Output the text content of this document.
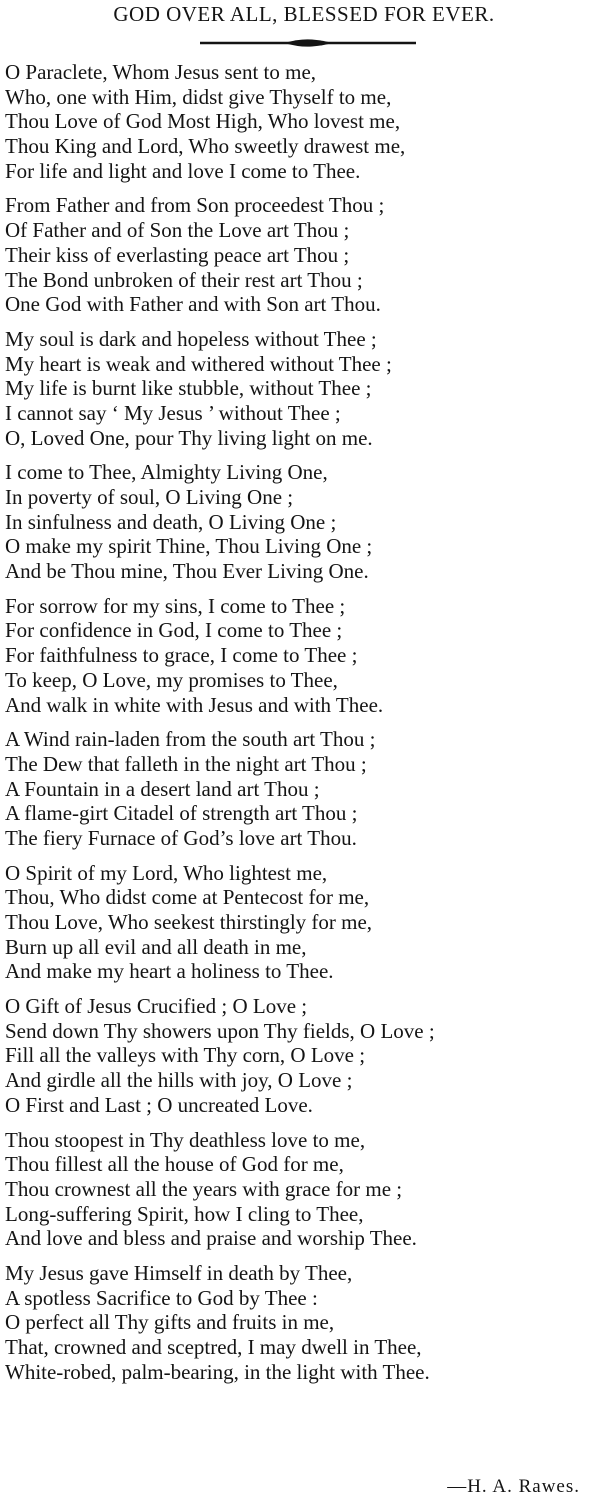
GOD OVER ALL, BLESSED FOR EVER.
O Paraclete, Whom Jesus sent to me,
Who, one with Him, didst give Thyself to me,
Thou Love of God Most High, Who lovest me,
Thou King and Lord, Who sweetly drawest me,
For life and light and love I come to Thee.
From Father and from Son proceedest Thou ;
Of Father and of Son the Love art Thou ;
Their kiss of everlasting peace art Thou ;
The Bond unbroken of their rest art Thou ;
One God with Father and with Son art Thou.
My soul is dark and hopeless without Thee ;
My heart is weak and withered without Thee ;
My life is burnt like stubble, without Thee ;
I cannot say ‘ My Jesus ’ without Thee ;
O, Loved One, pour Thy living light on me.
I come to Thee, Almighty Living One,
In poverty of soul, O Living One ;
In sinfulness and death, O Living One ;
O make my spirit Thine, Thou Living One ;
And be Thou mine, Thou Ever Living One.
For sorrow for my sins, I come to Thee ;
For confidence in God, I come to Thee ;
For faithfulness to grace, I come to Thee ;
To keep, O Love, my promises to Thee,
And walk in white with Jesus and with Thee.
A Wind rain-laden from the south art Thou ;
The Dew that falleth in the night art Thou ;
A Fountain in a desert land art Thou ;
A flame-girt Citadel of strength art Thou ;
The fiery Furnace of God’s love art Thou.
O Spirit of my Lord, Who lightest me,
Thou, Who didst come at Pentecost for me,
Thou Love, Who seekest thirstingly for me,
Burn up all evil and all death in me,
And make my heart a holiness to Thee.
O Gift of Jesus Crucified ; O Love ;
Send down Thy showers upon Thy fields, O Love ;
Fill all the valleys with Thy corn, O Love ;
And girdle all the hills with joy, O Love ;
O First and Last ; O uncreated Love.
Thou stoopest in Thy deathless love to me,
Thou fillest all the house of God for me,
Thou crownest all the years with grace for me ;
Long-suffering Spirit, how I cling to Thee,
And love and bless and praise and worship Thee.
My Jesus gave Himself in death by Thee,
A spotless Sacrifice to God by Thee :
O perfect all Thy gifts and fruits in me,
That, crowned and sceptred, I may dwell in Thee,
White-robed, palm-bearing, in the light with Thee.
—H. A. Rawes.
